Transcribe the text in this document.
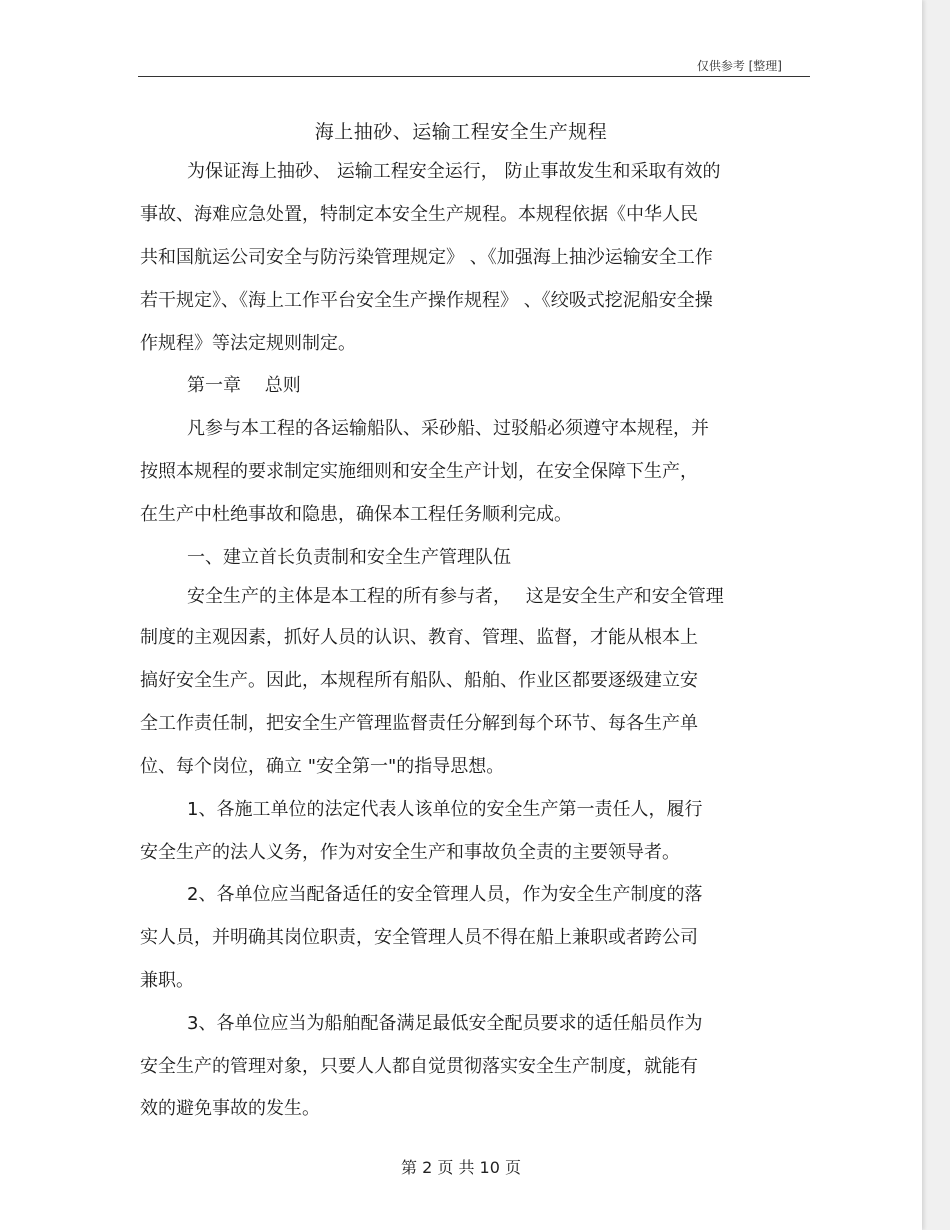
仅供参考 [整理]
海上抽砂、运输工程安全生产规程
为保证海上抽砂、 运输工程安全运行， 防止事故发生和采取有效的
事故、海难应急处置，特制定本安全生产规程。本规程依据《中华人民
共和国航运公司安全与防污染管理规定》 、《加强海上抽沙运输安全工作
若干规定》、《海上工作平台安全生产操作规程》 、《绞吸式挖泥船安全操
作规程》等法定规则制定。
第一章　 总则
凡参与本工程的各运输船队、采砂船、过驳船必须遵守本规程，并
按照本规程的要求制定实施细则和安全生产计划，在安全保障下生产，
在生产中杜绝事故和隐患，确保本工程任务顺利完成。
一、建立首长负责制和安全生产管理队伍
安全生产的主体是本工程的所有参与者，　 这是安全生产和安全管理
制度的主观因素，抓好人员的认识、教育、管理、监督，才能从根本上
搞好安全生产。因此，本规程所有船队、船舶、作业区都要逐级建立安
全工作责任制，把安全生产管理监督责任分解到每个环节、每各生产单
位、每个岗位，确立 "安全第一"的指导思想。
1、各施工单位的法定代表人该单位的安全生产第一责任人，履行
安全生产的法人义务，作为对安全生产和事故负全责的主要领导者。
2、各单位应当配备适任的安全管理人员，作为安全生产制度的落
实人员，并明确其岗位职责，安全管理人员不得在船上兼职或者跨公司
兼职。
3、各单位应当为船舶配备满足最低安全配员要求的适任船员作为
安全生产的管理对象，只要人人都自觉贯彻落实安全生产制度，就能有
效的避免事故的发生。
第 2 页 共 10 页
